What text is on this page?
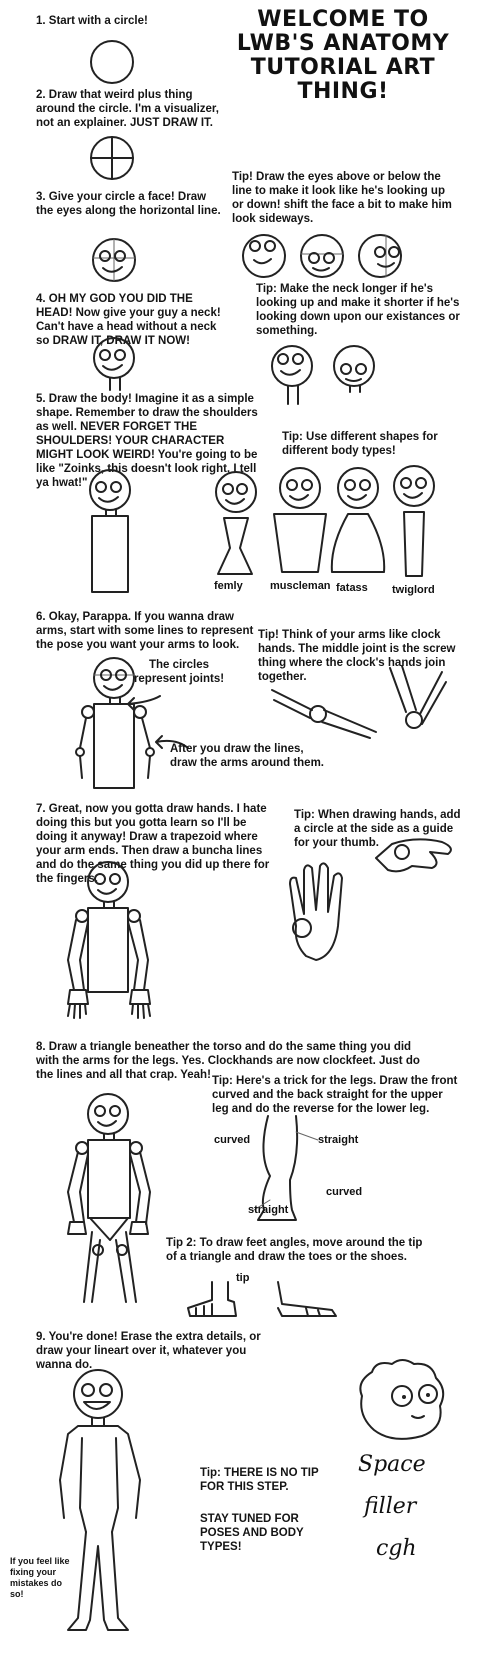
WELCOME TO LWB'S ANATOMY TUTORIAL ART THING!

1. Start with a circle!

2. Draw that weird plus thing around the circle. I'm a visualizer, not an explainer. JUST DRAW IT.

3. Give your circle a face! Draw the eyes along the horizontal line.

Tip! Draw the eyes above or below the line to make it look like he's looking up or down! shift the face a bit to make him look sideways.

4. OH MY GOD YOU DID THE HEAD! Now give your guy a neck! Can't have a head without a neck so DRAW IT, DRAW IT NOW!

Tip: Make the neck longer if he's looking up and make it shorter if he's looking down upon our existances or something.

5. Draw the body! Imagine it as a simple shape. Remember to draw the shoulders as well. NEVER FORGET THE SHOULDERS! YOUR CHARACTER MIGHT LOOK WEIRD! You're going to be like "Zoinks, this doesn't look right, I tell ya hwat!"

Tip: Use different shapes for different body types!

femly muscleman fatass twiglord

6. Okay, Parappa. If you wanna draw arms, start with some lines to represent the pose you want your arms to look.

The circles represent joints!

After you draw the lines, draw the arms around them.

Tip! Think of your arms like clock hands. The middle joint is the screw thing where the clock's hands join together.

7. Great, now you gotta draw hands. I hate doing this but you gotta learn so I'll be doing it anyway! Draw a trapezoid where your arm ends. Then draw a buncha lines and do the same thing you did up there for the fingers.

Tip: When drawing hands, add a circle at the side as a guide for your thumb.

8. Draw a triangle beneather the torso and do the same thing you did with the arms for the legs. Yes. Clockhands are now clockfeet. Just do the lines and all that crap. Yeah! Tip: Here's a trick for the legs. Draw the front curved and the back straight for the upper leg and do the reverse for the lower leg.

curved	straight
straight
curved

Tip 2: To draw feet angles, move around the tip of a triangle and draw the toes or the shoes.

tip

9. You're done! Erase the extra details, or draw your lineart over it, whatever you wanna do.

If you feel like fixing your mistakes do so!

Tip: THERE IS NO TIP FOR THIS STEP.

STAY TUNED FOR POSES AND BODY TYPES!

Space
filler
cgh
